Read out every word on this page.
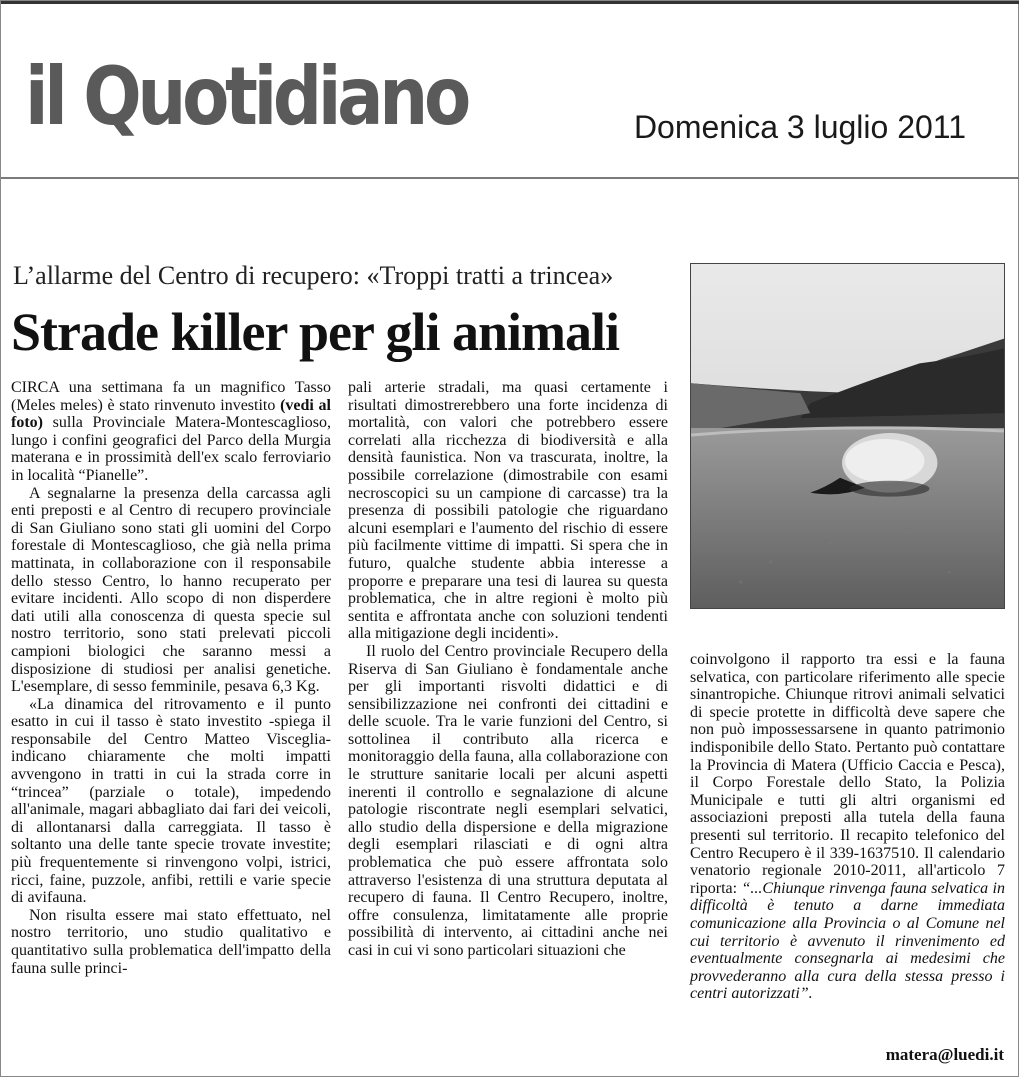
il Quotidiano	Domenica 3 luglio 2011
L’allarme del Centro di recupero: «Troppi tratti a trincea»
Strade killer per gli animali

CIRCA una settimana fa un magnifico Tasso (Meles meles) è stato rinvenuto investito (vedi al foto) sulla Provinciale Matera-Montescaglioso, lungo i confini geografici del Parco della Murgia materana e in prossimità dell'ex scalo ferroviario in località “Pianelle”.

A segnalarne la presenza della carcassa agli enti preposti e al Centro di recupero provinciale di San Giuliano sono stati gli uomini del Corpo forestale di Montescaglioso, che già nella prima mattinata, in collaborazione con il responsabile dello stesso Centro, lo hanno recuperato per evitare incidenti. Allo scopo di non disperdere dati utili alla conoscenza di questa specie sul nostro territorio, sono stati prelevati piccoli campioni biologici che saranno messi a disposizione di studiosi per analisi genetiche. L'esemplare, di sesso femminile, pesava 6,3 Kg.

«La dinamica del ritrovamento e il punto esatto in cui il tasso è stato investito -spiega il responsabile del Centro Matteo Visceglia- indicano chiaramente che molti impatti avvengono in tratti in cui la strada corre in “trincea” (parziale o totale), impedendo all'animale, magari abbagliato dai fari dei veicoli, di allontanarsi dalla carreggiata. Il tasso è soltanto una delle tante specie trovate investite; più frequentemente si rinvengono volpi, istrici, ricci, faine, puzzole, anfibi, rettili e varie specie di avifauna.

Non risulta essere mai stato effettuato, nel nostro territorio, uno studio qualitativo e quantitativo sulla problematica dell'impatto della fauna sulle princi-

pali arterie stradali, ma quasi certamente i risultati dimostrerebbero una forte incidenza di mortalità, con valori che potrebbero essere correlati alla ricchezza di biodiversità e alla densità faunistica. Non va trascurata, inoltre, la possibile correlazione (dimostrabile con esami necroscopici su un campione di carcasse) tra la presenza di possibili patologie che riguardano alcuni esemplari e l'aumento del rischio di essere più facilmente vittime di impatti. Si spera che in futuro, qualche studente abbia interesse a proporre e preparare una tesi di laurea su questa problematica, che in altre regioni è molto più sentita e affrontata anche con soluzioni tendenti alla mitigazione degli incidenti».

Il ruolo del Centro provinciale Recupero della Riserva di San Giuliano è fondamentale anche per gli importanti risvolti didattici e di sensibilizzazione nei confronti dei cittadini e delle scuole. Tra le varie funzioni del Centro, si sottolinea il contributo alla ricerca e monitoraggio della fauna, alla collaborazione con le strutture sanitarie locali per alcuni aspetti inerenti il controllo e segnalazione di alcune patologie riscontrate negli esemplari selvatici, allo studio della dispersione e della migrazione degli esemplari rilasciati e di ogni altra problematica che può essere affrontata solo attraverso l'esistenza di una struttura deputata al recupero di fauna. Il Centro Recupero, inoltre, offre consulenza, limitatamente alle proprie possibilità di intervento, ai cittadini anche nei casi in cui vi sono particolari situazioni che

coinvolgono il rapporto tra essi e la fauna selvatica, con particolare riferimento alle specie sinantropiche. Chiunque ritrovi animali selvatici di specie protette in difficoltà deve sapere che non può impossessarsene in quanto patrimonio indisponibile dello Stato. Pertanto può contattare la Provincia di Matera (Ufficio Caccia e Pesca), il Corpo Forestale dello Stato, la Polizia Municipale e tutti gli altri organismi ed associazioni preposti alla tutela della fauna presenti sul territorio. Il recapito telefonico del Centro Recupero è il 339-1637510. Il calendario venatorio regionale 2010-2011, all'articolo 7 riporta: “...Chiunque rinvenga fauna selvatica in difficoltà è tenuto a darne immediata comunicazione alla Provincia o al Comune nel cui territorio è avvenuto il rinvenimento ed eventualmente consegnarla ai medesimi che provvederanno alla cura della stessa presso i centri autorizzati”.

matera@luedi.it
